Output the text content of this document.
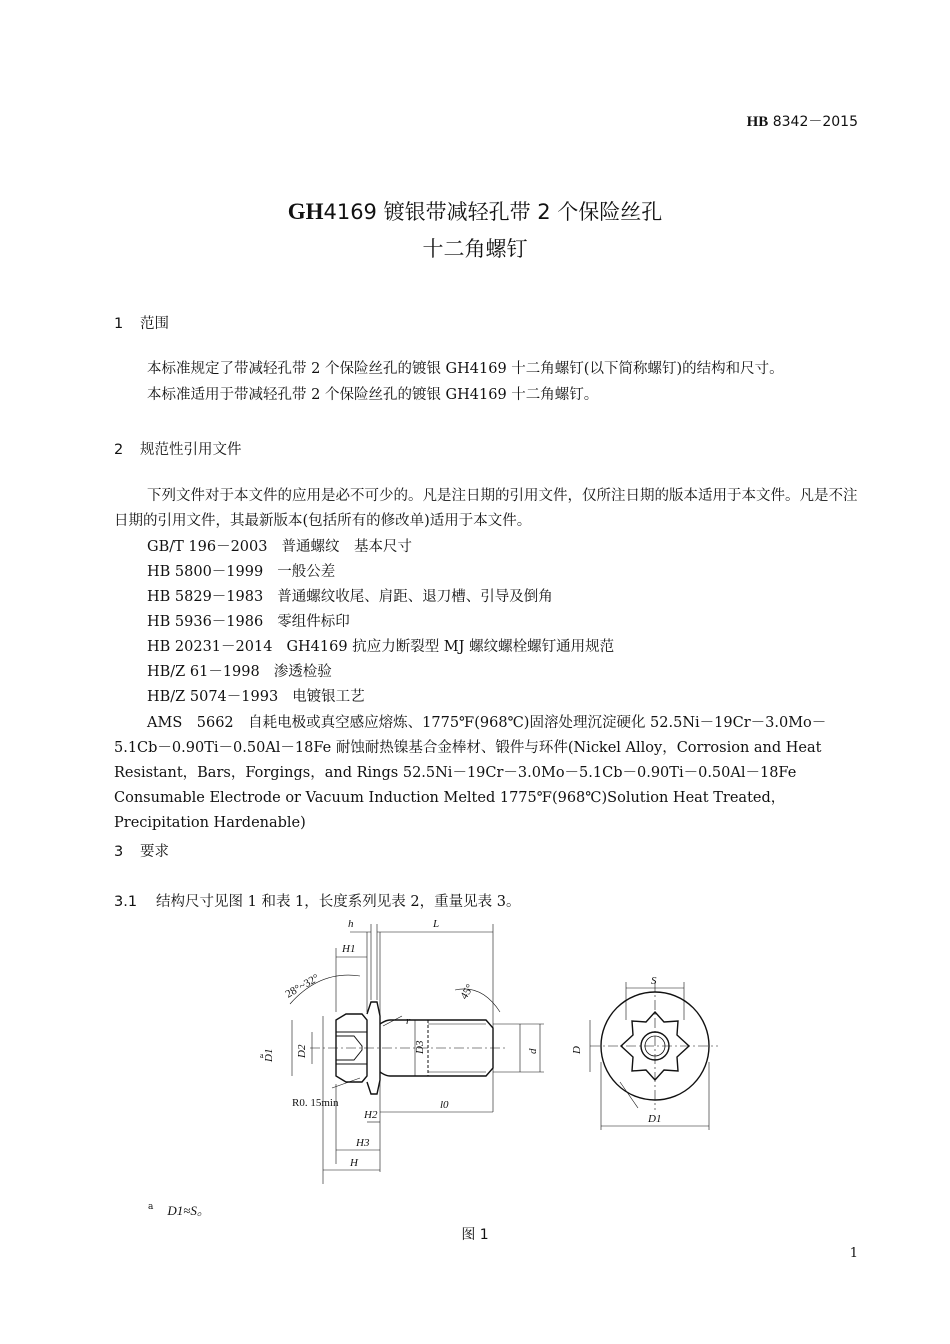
HB 8342－2015
GH4169 镀银带减轻孔带 2 个保险丝孔
十二角螺钉
1 范围
本标准规定了带减轻孔带 2 个保险丝孔的镀银 GH4169 十二角螺钉(以下简称螺钉)的结构和尺寸。
本标准适用于带减轻孔带 2 个保险丝孔的镀银 GH4169 十二角螺钉。
2 规范性引用文件
下列文件对于本文件的应用是必不可少的。凡是注日期的引用文件，仅所注日期的版本适用于本文件。凡是不注日期的引用文件，其最新版本(包括所有的修改单)适用于本文件。
GB/T 196－2003 普通螺纹　基本尺寸
HB 5800－1999 一般公差
HB 5829－1983 普通螺纹收尾、肩距、退刀槽、引导及倒角
HB 5936－1986 零组件标印
HB 20231－2014 GH4169 抗应力断裂型 MJ 螺纹螺栓螺钉通用规范
HB/Z 61－1998 渗透检验
HB/Z 5074－1993 电镀银工艺
AMS　5662　自耗电极或真空感应熔炼、1775℉(968℃)固溶处理沉淀硬化 52.5Ni－19Cr－3.0Mo－5.1Cb－0.90Ti－0.50Al－18Fe 耐蚀耐热镍基合金棒材、锻件与环件(Nickel Alloy，Corrosion and Heat Resistant，Bars，Forgings，and Rings 52.5Ni－19Cr－3.0Mo－5.1Cb－0.90Ti－0.50Al－18Fe Consumable Electrode or Vacuum Induction Melted 1775℉(968℃)Solution Heat Treated，Precipitation Hardenable)
3 要求
3.1 结构尺寸见图 1 和表 1，长度系列见表 2，重量见表 3。
h	L
H1
28°~32°	45°
r
D1 D2	D3	d	D
S
D1
R0. 15min
H2
l0
H3
H
a
$^a$ D1≈S。
图 1
1
